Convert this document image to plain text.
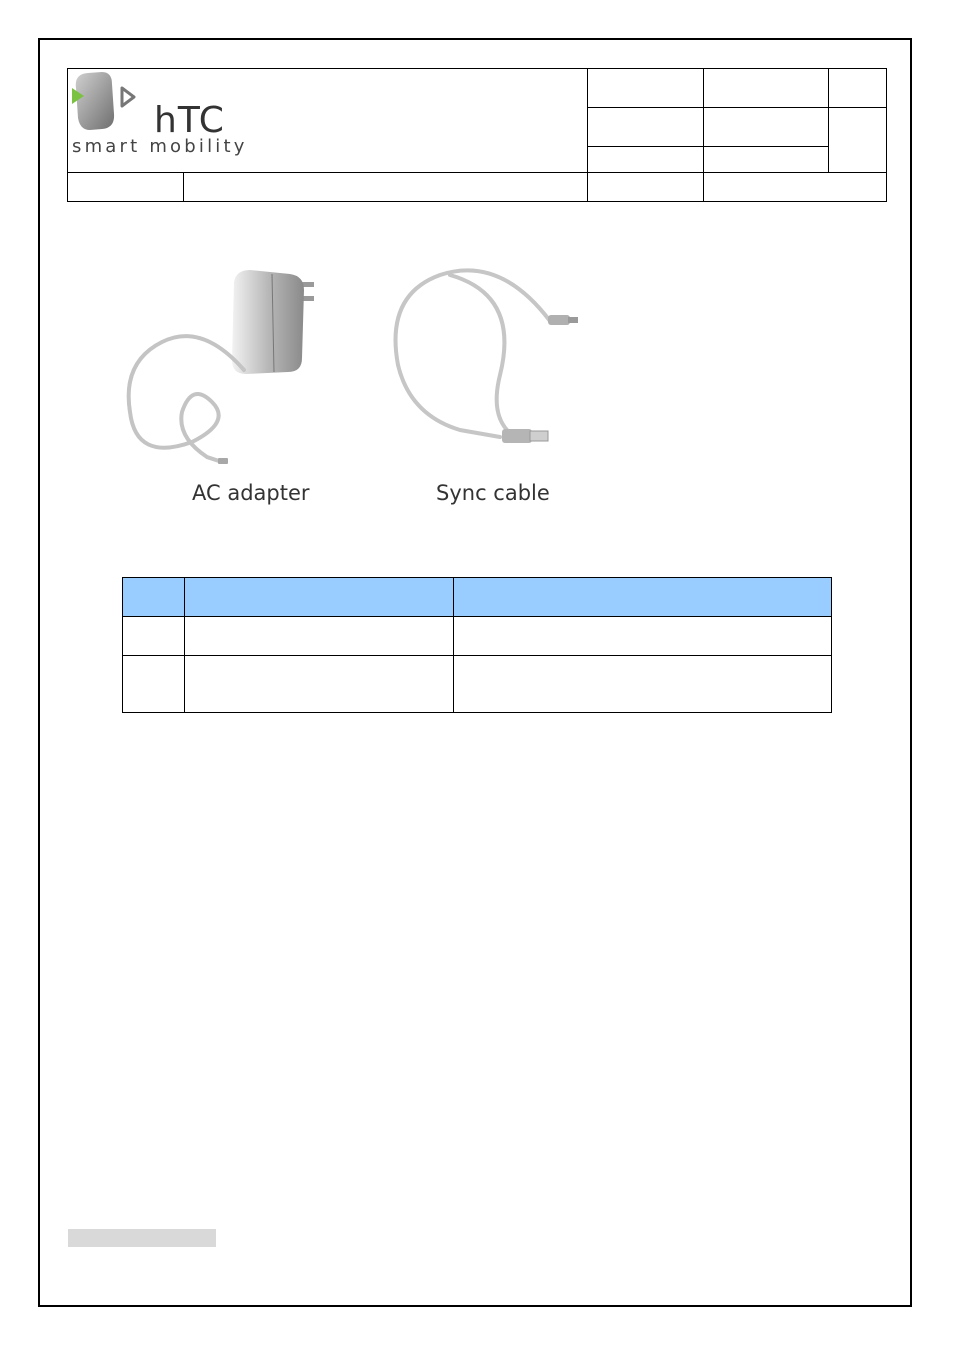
hTC
smart mobility
AC adapter	Sync cable
